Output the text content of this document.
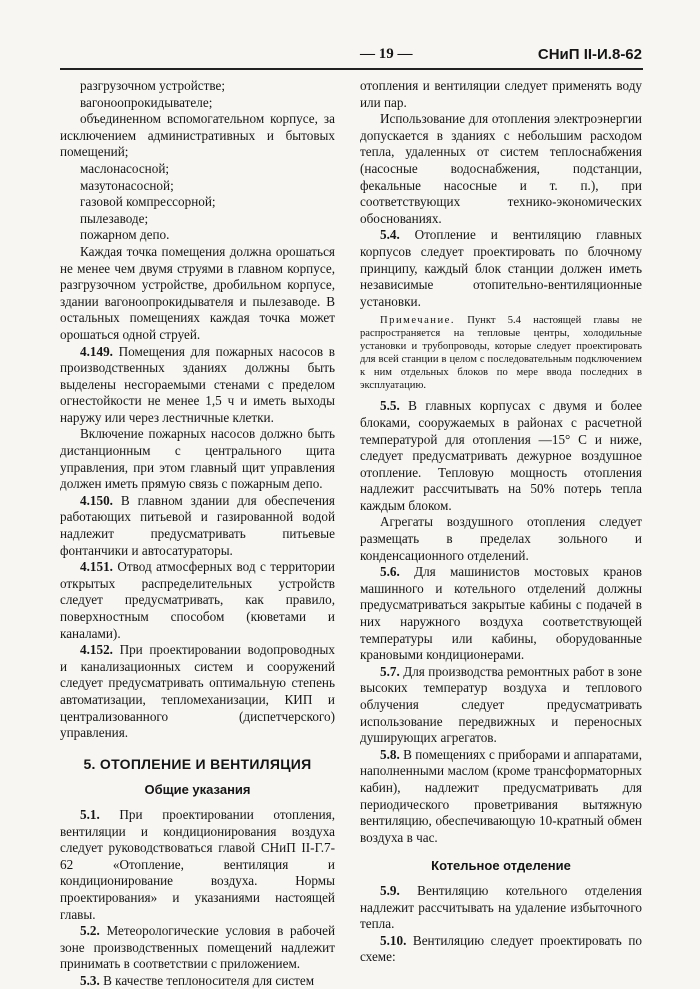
— 19 —	СНиП II-И.8-62

разгрузочном устройстве;

вагоноопрокидывателе;

объединенном вспомогательном корпусе, за исключением административных и бытовых помещений;

маслонасосной;

мазутонасосной;

газовой компрессорной;

пылезаводе;

пожарном депо.

Каждая точка помещения должна орошаться не менее чем двумя струями в главном корпусе, разгрузочном устройстве, дробильном корпусе, здании вагоноопрокидывателя и пылезаводе. В остальных помещениях каждая точка может орошаться одной струей.

4.149. Помещения для пожарных насосов в производственных зданиях должны быть выделены несгораемыми стенами с пределом огнестойкости не менее 1,5 ч и иметь выходы наружу или через лестничные клетки.

Включение пожарных насосов должно быть дистанционным с центрального щита управления, при этом главный щит управления должен иметь прямую связь с пожарным депо.

4.150. В главном здании для обеспечения работающих питьевой и газированной водой надлежит предусматривать питьевые фонтанчики и автосатураторы.

4.151. Отвод атмосферных вод с территории открытых распределительных устройств следует предусматривать, как правило, поверхностным способом (кюветами и каналами).

4.152. При проектировании водопроводных и канализационных систем и сооружений следует предусматривать оптимальную степень автоматизации, тепломеханизации, КИП и централизованного (диспетчерского) управления.

5. ОТОПЛЕНИЕ И ВЕНТИЛЯЦИЯ
Общие указания

5.1. При проектировании отопления, вентиляции и кондиционирования воздуха следует руководствоваться главой СНиП II-Г.7-62 «Отопление, вентиляция и кондиционирование воздуха. Нормы проектирования» и указаниями настоящей главы.

5.2. Метеорологические условия в рабочей зоне производственных помещений надлежит принимать в соответствии с приложением.

5.3. В качестве теплоносителя для систем

отопления и вентиляции следует применять воду или пар.

Использование для отопления электроэнергии допускается в зданиях с небольшим расходом тепла, удаленных от систем теплоснабжения (насосные водоснабжения, подстанции, фекальные насосные и т. п.), при соответствующих технико-экономических обоснованиях.

5.4. Отопление и вентиляцию главных корпусов следует проектировать по блочному принципу, каждый блок станции должен иметь независимые отопительно-вентиляционные установки.

Примечание. Пункт 5.4 настоящей главы не распространяется на тепловые центры, холодильные установки и трубопроводы, которые следует проектировать для всей станции в целом с последовательным подключением к ним отдельных блоков по мере ввода последних в эксплуатацию.

5.5. В главных корпусах с двумя и более блоками, сооружаемых в районах с расчетной температурой для отопления —15° С и ниже, следует предусматривать дежурное воздушное отопление. Тепловую мощность отопления надлежит рассчитывать на 50% потерь тепла каждым блоком.

Агрегаты воздушного отопления следует размещать в пределах зольного и конденсационного отделений.

5.6. Для машинистов мостовых кранов машинного и котельного отделений должны предусматриваться закрытые кабины с подачей в них наружного воздуха соответствующей температуры или кабины, оборудованные крановыми кондиционерами.

5.7. Для производства ремонтных работ в зоне высоких температур воздуха и теплового облучения следует предусматривать использование передвижных и переносных душирующих агрегатов.

5.8. В помещениях с приборами и аппаратами, наполненными маслом (кроме трансформаторных кабин), надлежит предусматривать для периодического проветривания вытяжную вентиляцию, обеспечивающую 10-кратный обмен воздуха в час.

Котельное отделение

5.9. Вентиляцию котельного отделения надлежит рассчитывать на удаление избыточного тепла.

5.10. Вентиляцию следует проектировать по схеме:
